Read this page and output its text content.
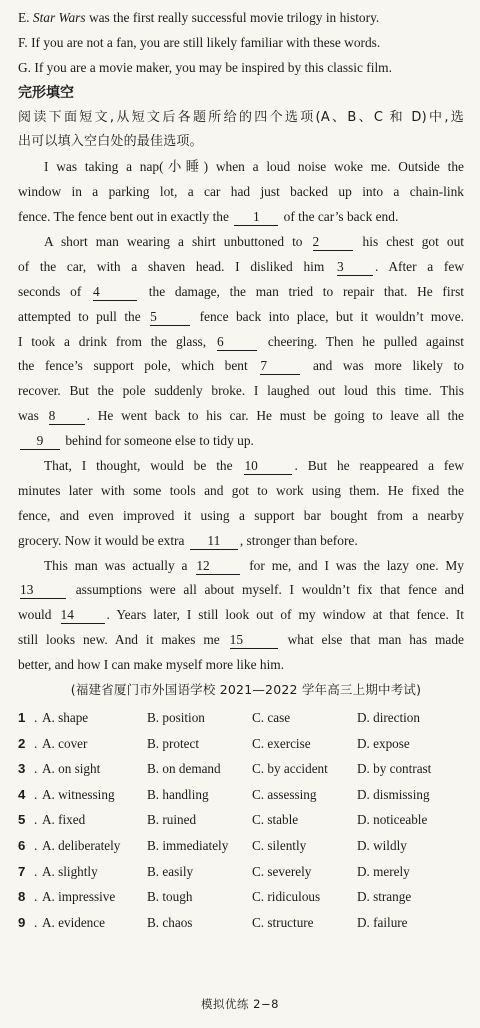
E. Star Wars was the first really successful movie trilogy in history.
F. If you are not a fan, you are still likely familiar with these words.
G. If you are a movie maker, you may be inspired by this classic film.
完形填空
阅读下面短文,从短文后各题所给的四个选项(A、B、C 和 D)中,选
出可以填入空白处的最佳选项。
I was taking a nap(小睡) when a loud noise woke me. Outside the
window in a parking lot, a car had just backed up into a chain-link
fence. The fence bent out in exactly the 1 of the car’s back end.
A short man wearing a shirt unbuttoned to 2	his chest got out
of the car, with a shaven head. I disliked him 3 . After a few
seconds of 4	the damage, the man tried to repair that. He first
attempted to pull the 5	fence back into place, but it wouldn’t move.
I took a drink from the glass, 6	cheering. Then he pulled against
the fence’s support pole, which bent 7	and was more likely to
recover. But the pole suddenly broke. I laughed out loud this time. This
was 8 . He went back to his car. He must be going to leave all the
9 behind for someone else to tidy up.
That, I thought, would be the 10	. But he reappeared a few
minutes later with some tools and got to work using them. He fixed the
fence, and even improved it using a support bar bought from a nearby
grocery. Now it would be extra 11 , stronger than before.
This man was actually a 12	for me, and I was the lazy one. My
13	assumptions were all about myself. I wouldn’t fix that fence and
would 14 . Years later, I still look out of my window at that fence. It
still looks new. And it makes me 15	what else that man has made
better, and how I can make myself more like him.
(福建省厦门市外国语学校 2021—2022 学年高三上期中考试)
1 . A. shape	B. position	C. case	D. direction
2 . A. cover	B. protect	C. exercise	D. expose
3 . A. on sight	B. on demand	C. by accident	D. by contrast
4 . A. witnessing	B. handling	C. assessing	D. dismissing
5 . A. fixed	B. ruined	C. stable	D. noticeable
6 . A. deliberately	B. immediately	C. silently	D. wildly
7 . A. slightly	B. easily	C. severely	D. merely
8 . A. impressive	B. tough	C. ridiculous	D. strange
9 . A. evidence	B. chaos	C. structure	D. failure
模拟优练 2−8
